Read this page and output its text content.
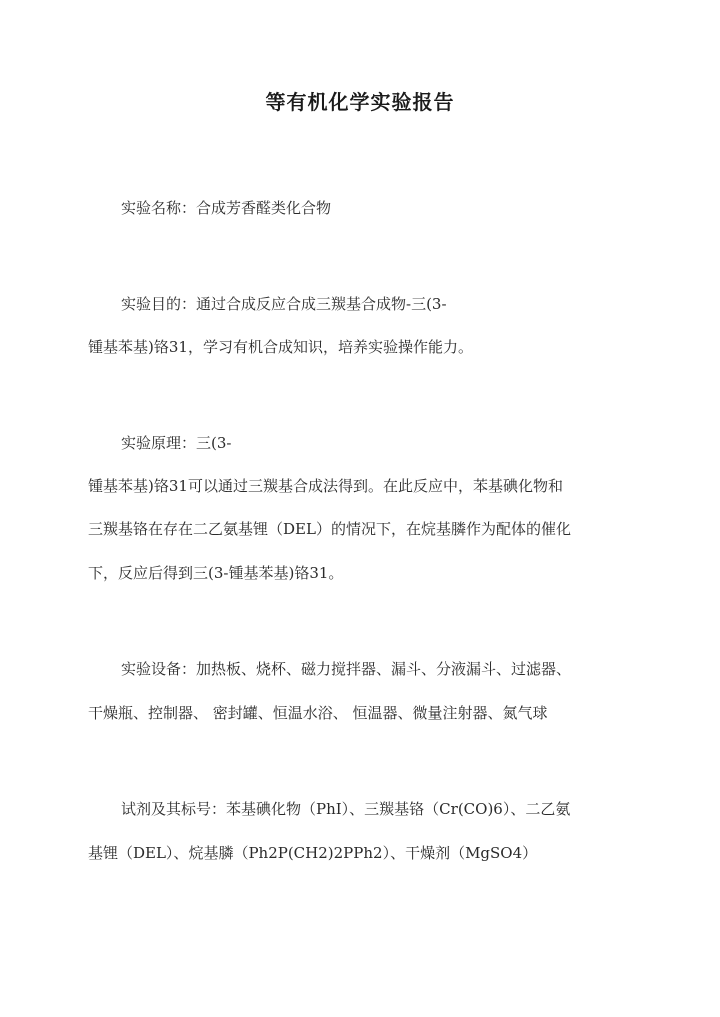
等有机化学实验报告
实验名称：合成芳香醛类化合物
实验目的：通过合成反应合成三羰基合成物-三(3-
锺基苯基)铬31，学习有机合成知识，培养实验操作能力。
实验原理：三(3-
锺基苯基)铬31可以通过三羰基合成法得到。在此反应中，苯基碘化物和
三羰基铬在存在二乙氨基锂（DEL）的情况下，在烷基膦作为配体的催化
下，反应后得到三(3-锺基苯基)铬31。
实验设备：加热板、烧杯、磁力搅拌器、漏斗、分液漏斗、过滤器、
干燥瓶、控制器、 密封罐、恒温水浴、 恒温器、微量注射器、氮气球
试剂及其标号：苯基碘化物（PhI）、三羰基铬（Cr(CO)6）、二乙氨
基锂（DEL）、烷基膦（Ph2P(CH2)2PPh2）、干燥剂（MgSO4）
